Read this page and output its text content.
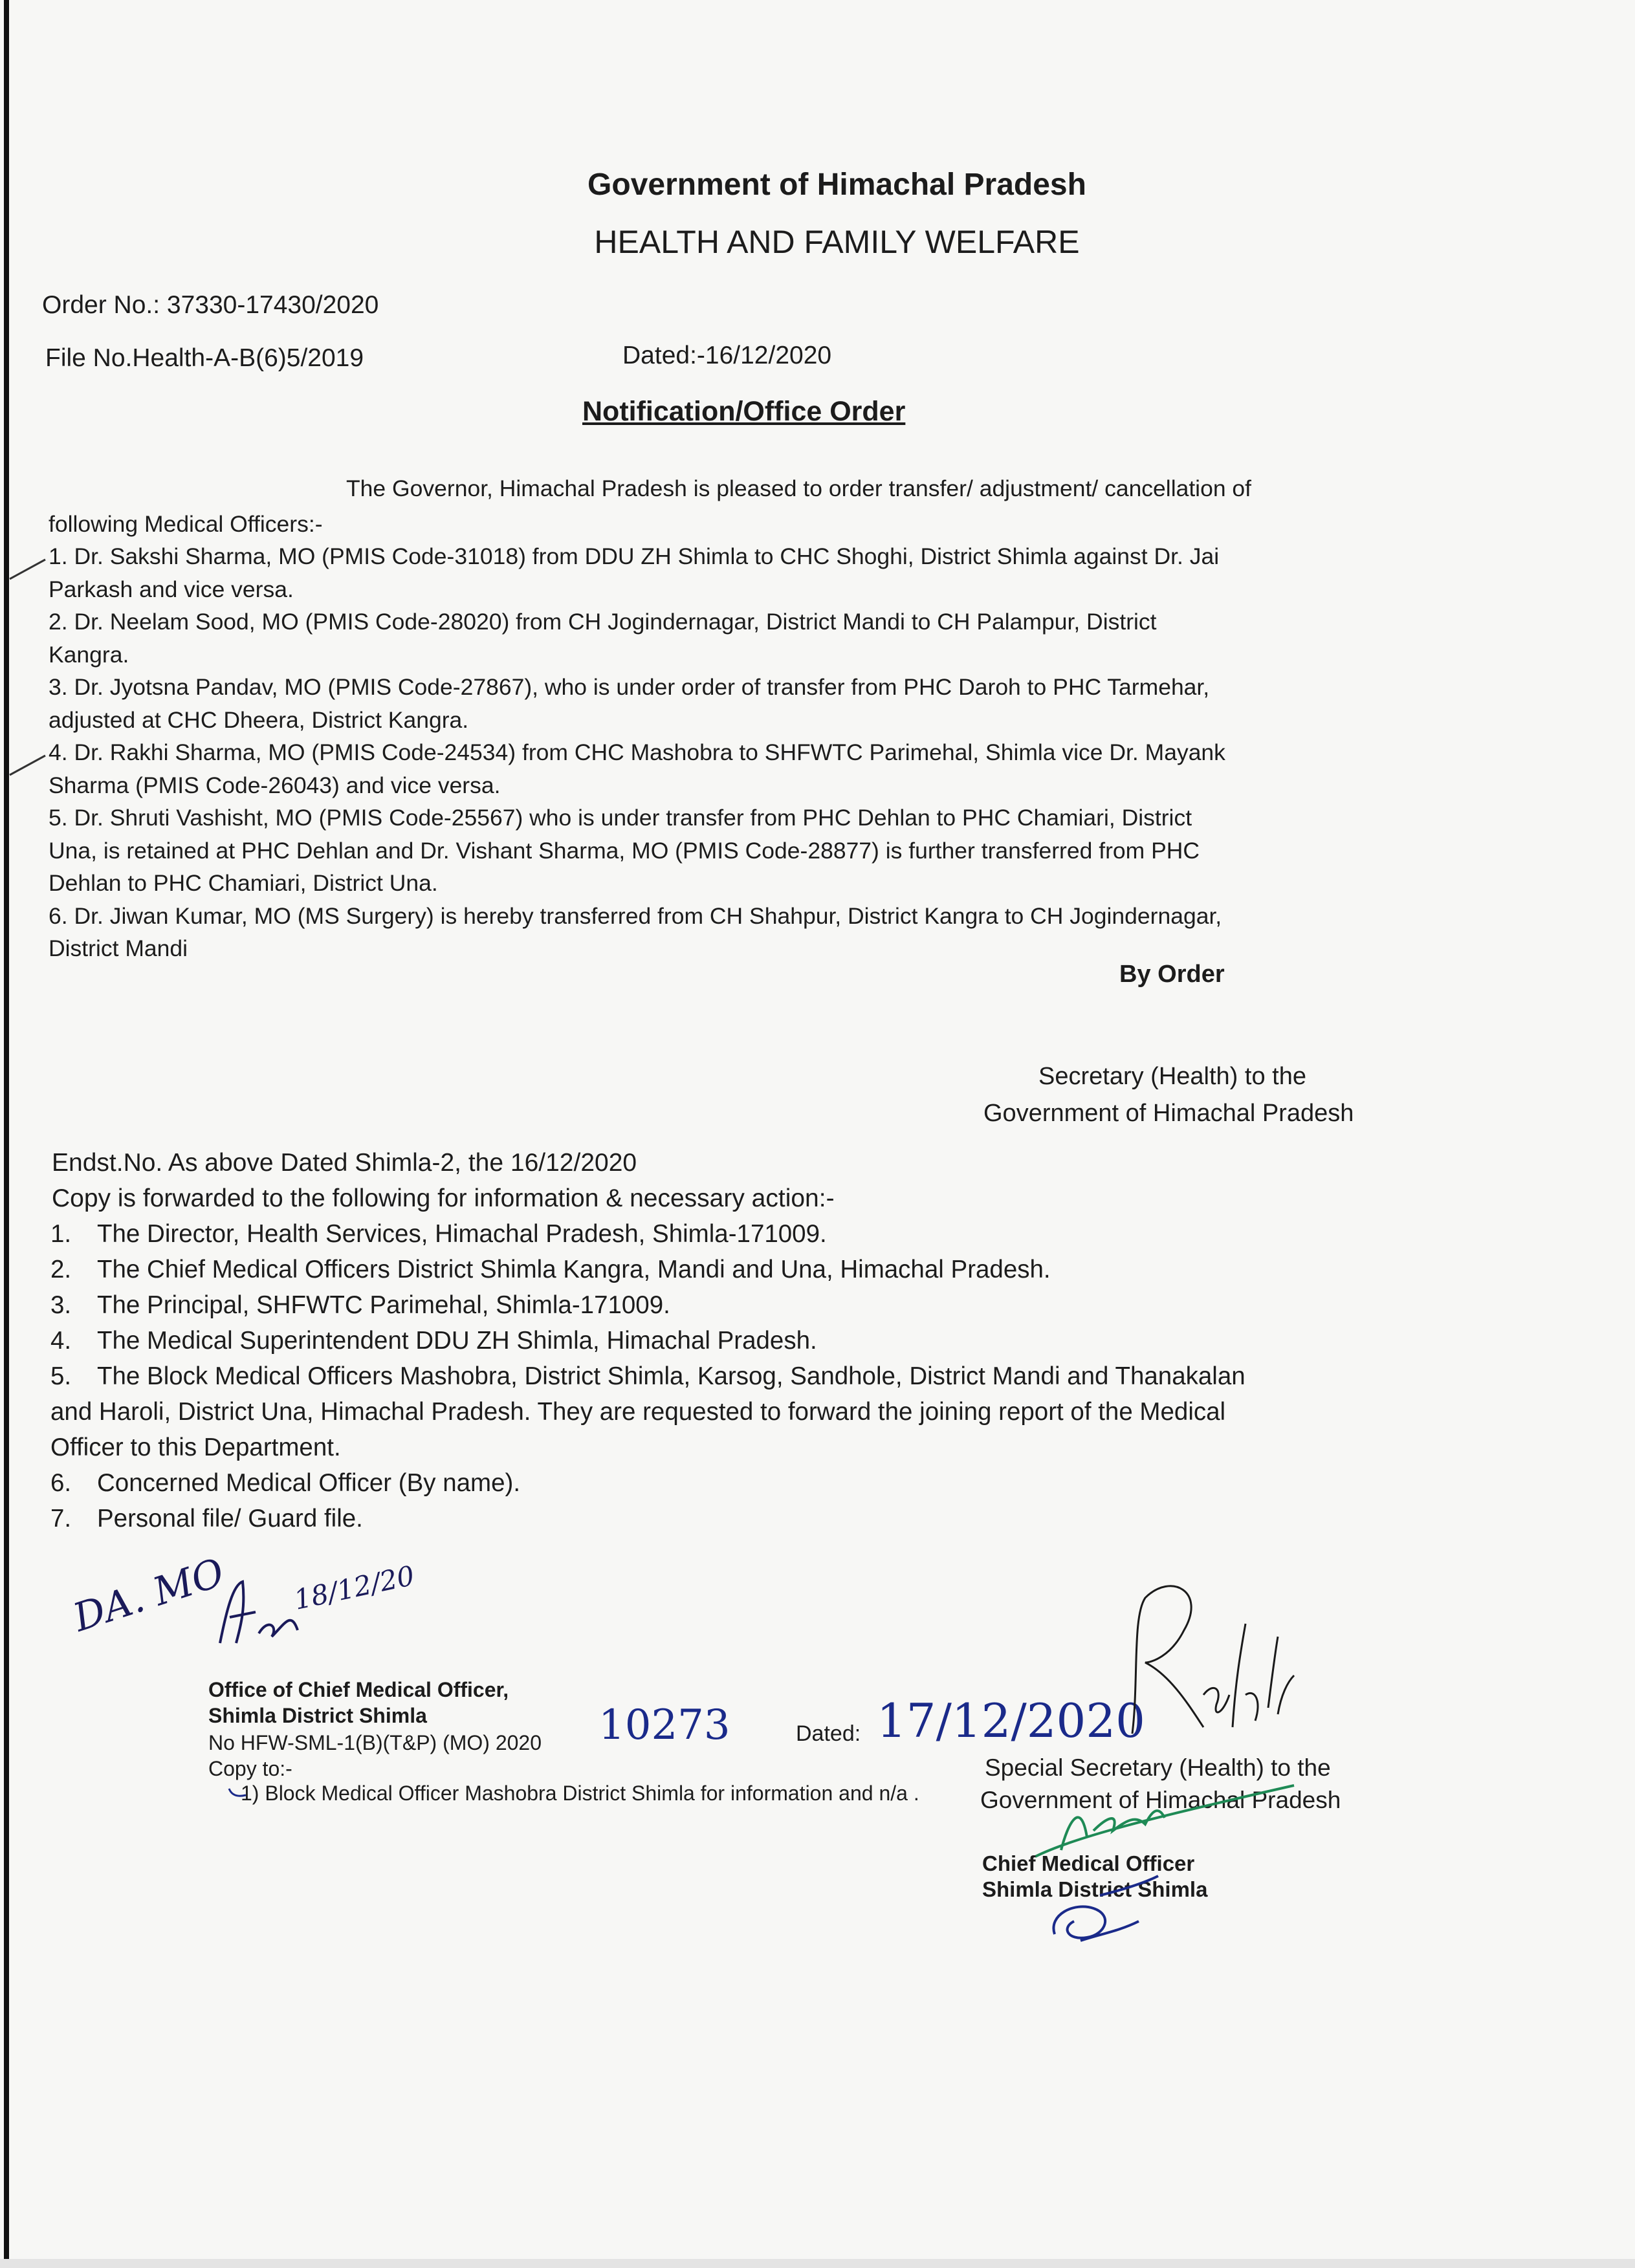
Government of Himachal Pradesh
HEALTH AND FAMILY WELFARE
Order No.: 37330-17430/2020
File No.Health-A-B(6)5/2019	Dated:-16/12/2020
Notification/Office Order
The Governor, Himachal Pradesh is pleased to order transfer/ adjustment/ cancellation of
following Medical Officers:-
1. Dr. Sakshi Sharma, MO (PMIS Code-31018) from DDU ZH Shimla to CHC Shoghi, District Shimla against Dr. Jai
Parkash and vice versa.
2. Dr. Neelam Sood, MO (PMIS Code-28020) from CH Jogindernagar, District Mandi to CH Palampur, District
Kangra.
3. Dr. Jyotsna Pandav, MO (PMIS Code-27867), who is under order of transfer from PHC Daroh to PHC Tarmehar,
adjusted at CHC Dheera, District Kangra.
4. Dr. Rakhi Sharma, MO (PMIS Code-24534) from CHC Mashobra to SHFWTC Parimehal, Shimla vice Dr. Mayank
Sharma (PMIS Code-26043) and vice versa.
5. Dr. Shruti Vashisht, MO (PMIS Code-25567) who is under transfer from PHC Dehlan to PHC Chamiari, District
Una, is retained at PHC Dehlan and Dr. Vishant Sharma, MO (PMIS Code-28877) is further transferred from PHC
Dehlan to PHC Chamiari, District Una.
6. Dr. Jiwan Kumar, MO (MS Surgery) is hereby transferred from CH Shahpur, District Kangra to CH Jogindernagar,
District Mandi
By Order
Secretary (Health) to the
Government of Himachal Pradesh
Endst.No. As above Dated Shimla-2, the 16/12/2020
Copy is forwarded to the following for information & necessary action:-
1.	The Director, Health Services, Himachal Pradesh, Shimla-171009.
2.	The Chief Medical Officers District Shimla Kangra, Mandi and Una, Himachal Pradesh.
3.	The Principal, SHFWTC Parimehal, Shimla-171009.
4.	The Medical Superintendent DDU ZH Shimla, Himachal Pradesh.
5.	The Block Medical Officers Mashobra, District Shimla, Karsog, Sandhole, District Mandi and Thanakalan
and Haroli, District Una, Himachal Pradesh. They are requested to forward the joining report of the Medical
Officer to this Department.
6.	Concerned Medical Officer (By name).
7.	Personal file/ Guard file.
DA. MO 18/12/20
Office of Chief Medical Officer,
Shimla District Shimla
No HFW-SML-1(B)(T&P) (MO) 2020
Copy to:-
1) Block Medical Officer Mashobra District Shimla for information and n/a .
10273	Dated: 17/12/2020
Special Secretary (Health) to the
Government of Himachal Pradesh
Chief Medical Officer
Shimla District Shimla
